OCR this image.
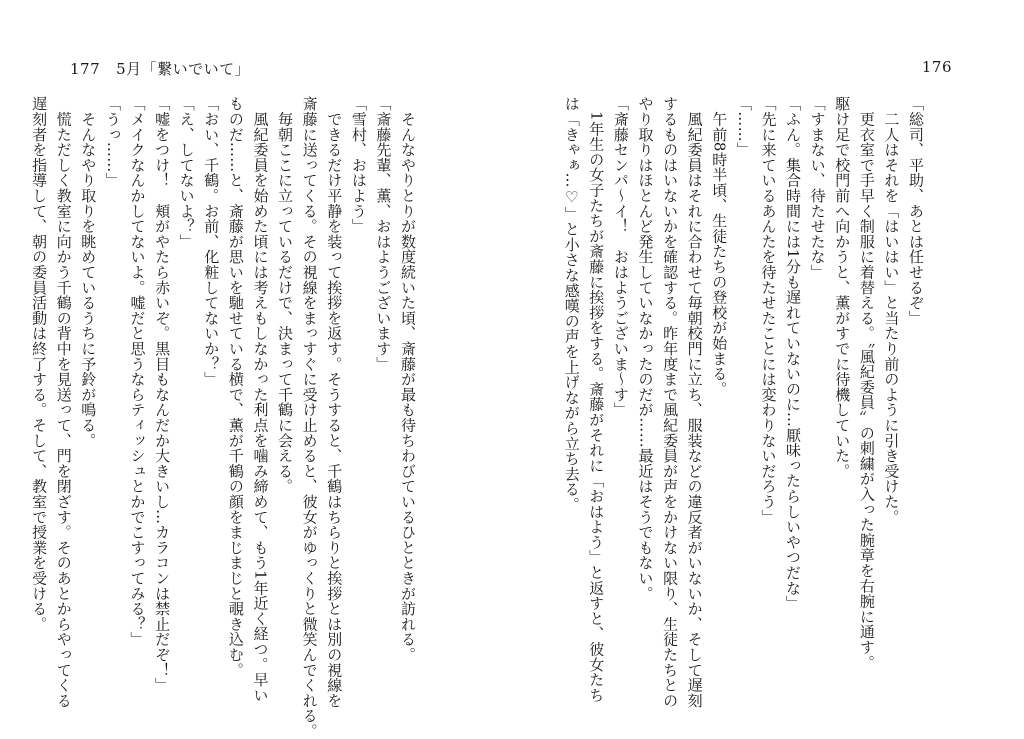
177 5月「繋いでいて」
　そんなやりとりが数度続いた頃、斎藤が最も待ちわびているひとときが訪れる。
「斎藤先輩、薫、おはようございます」
「雪村、おはよう」
　できるだけ平静を装って挨拶を返す。そうすると、千鶴はちらりと挨拶とは別の視線を
斎藤に送ってくる。その視線をまっすぐに受け止めると、彼女がゆっくりと微笑んでくれる。
　毎朝ここに立っているだけで、決まって千鶴に会える。
　風紀委員を始めた頃には考えもしなかった利点を噛み締めて、もう1年近く経つ。早い
ものだ……と、斎藤が思いを馳せている横で、薫が千鶴の顔をまじまじと覗き込む。
「おい、千鶴。お前、化粧してないか？」
「え、してないよ？」
「嘘をつけ！　頬がやたら赤いぞ。黒目もなんだか大きいし…カラコンは禁止だぞ！」
「メイクなんかしてないよ。嘘だと思うならティッシュとかでこすってみる？」
「うっ……」
　そんなやり取りを眺めているうちに予鈴が鳴る。
　慌ただしく教室に向かう千鶴の背中を見送って、門を閉ざす。そのあとからやってくる
遅刻者を指導して、朝の委員活動は終了する。そして、教室で授業を受ける。
176
「総司、平助、あとは任せるぞ」
　二人はそれを「はいはい」と当たり前のように引き受けた。
　更衣室で手早く制服に着替える。〝風紀委員〟の刺繍が入った腕章を右腕に通す。
駆け足で校門前へ向かうと、薫がすでに待機していた。
「すまない、待たせたな」
「ふん。集合時間には1分も遅れていないのに…厭味ったらしいやつだな」
「先に来ているあんたを待たせたことには変わりないだろう」
「……」
　午前8時半頃、生徒たちの登校が始まる。
　風紀委員はそれに合わせて毎朝校門に立ち、服装などの違反者がいないか、そして遅刻
するものはいないかを確認する。昨年度まで風紀委員が声をかけない限り、生徒たちとの
やり取りはほとんど発生していなかったのだが……最近はそうでもない。
「斎藤センパ〜イ！　おはようございま〜す」
　1年生の女子たちが斎藤に挨拶をする。斎藤がそれに「おはよう」と返すと、彼女たち
は「きゃぁ…♡」と小さな感嘆の声を上げながら立ち去る。
